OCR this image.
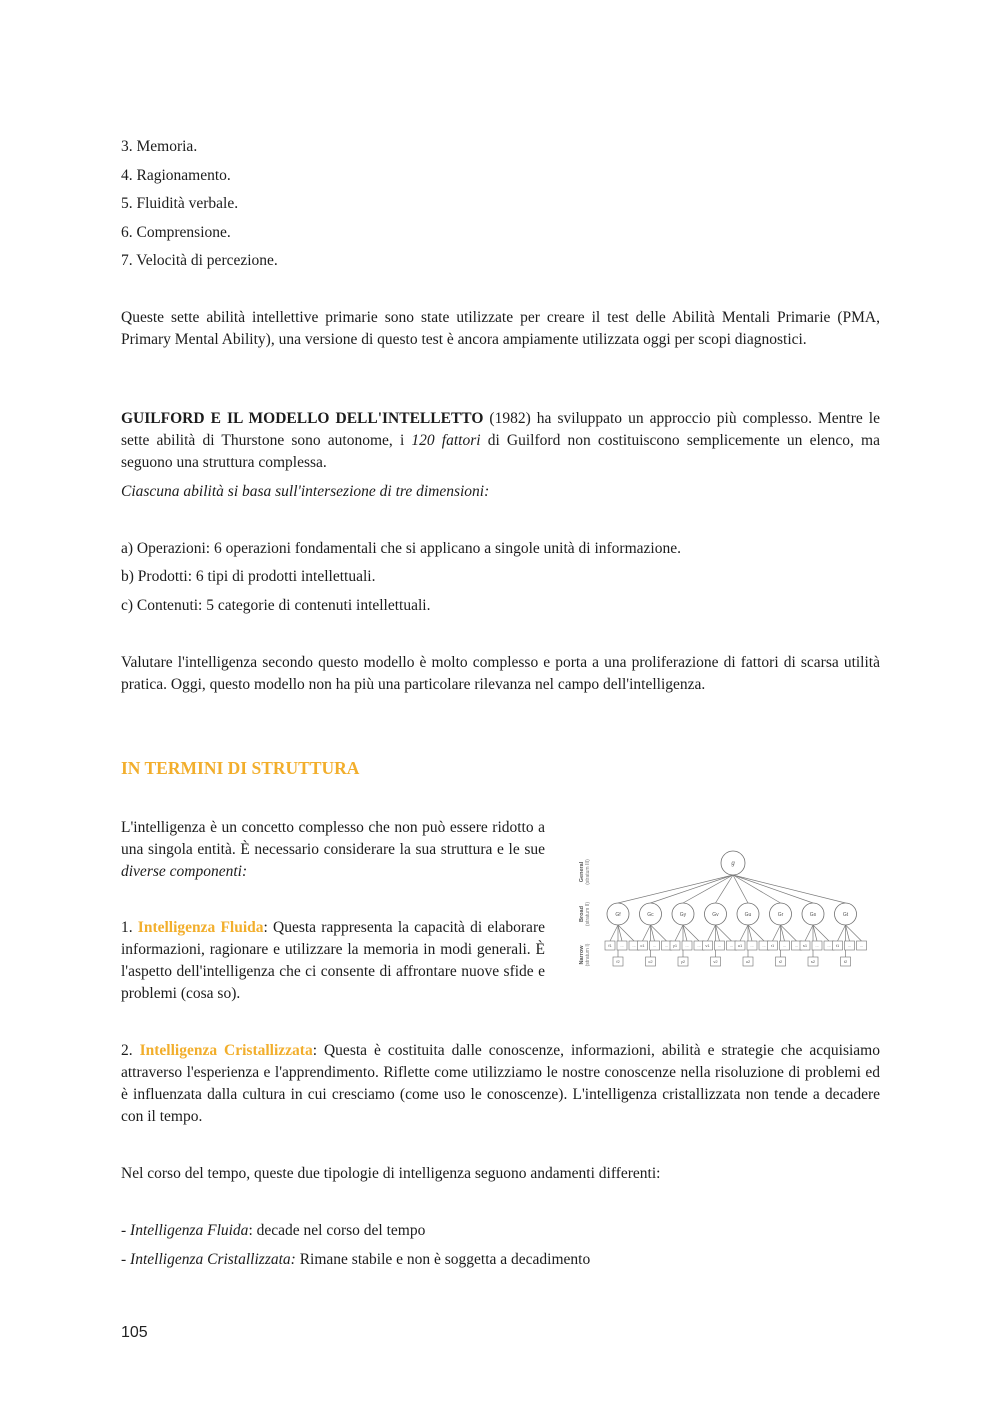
3. Memoria.
4. Ragionamento.
5. Fluidità verbale.
6. Comprensione.
7. Velocità di percezione.
Queste sette abilità intellettive primarie sono state utilizzate per creare il test delle Abilità Mentali Primarie (PMA, Primary Mental Ability), una versione di questo test è ancora ampiamente utilizzata oggi per scopi diagnostici.
GUILFORD E IL MODELLO DELL'INTELLETTO (1982) ha sviluppato un approccio più complesso. Mentre le sette abilità di Thurstone sono autonome, i 120 fattori di Guilford non costituiscono semplicemente un elenco, ma seguono una struttura complessa.
Ciascuna abilità si basa sull'intersezione di tre dimensioni:
a) Operazioni: 6 operazioni fondamentali che si applicano a singole unità di informazione.
b) Prodotti: 6 tipi di prodotti intellettuali.
c) Contenuti: 5 categorie di contenuti intellettuali.
Valutare l'intelligenza secondo questo modello è molto complesso e porta a una proliferazione di fattori di scarsa utilità pratica. Oggi, questo modello non ha più una particolare rilevanza nel campo dell'intelligenza.
IN TERMINI DI STRUTTURA
L'intelligenza è un concetto complesso che non può essere ridotto a una singola entità. È necessario considerare la sua struttura e le sue diverse componenti:
1. Intelligenza Fluida: Questa rappresenta la capacità di elaborare informazioni, ragionare e utilizzare la memoria in modi generali. È l'aspetto dell'intelligenza che ci consente di affrontare nuove sfide e problemi (cosa so).
2. Intelligenza Cristallizzata: Questa è costituita dalle conoscenze, informazioni, abilità e strategie che acquisiamo attraverso l'esperienza e l'apprendimento. Riflette come utilizziamo le nostre conoscenze nella risoluzione di problemi ed è influenzata dalla cultura in cui cresciamo (come uso le conoscenze). L'intelligenza cristallizzata non tende a decadere con il tempo.
Nel corso del tempo, queste due tipologie di intelligenza seguono andamenti differenti:
- Intelligenza Fluida: decade nel corso del tempo
- Intelligenza Cristallizzata: Rimane stabile e non è soggetta a decadimento
General (stratum III)
Broad (stratum II)
Narrow (stratum I)
Gf
f1 ... ...
f2
Gc
c1 ... ...
c2
Gy
y1 ... ...
y2
Gv
v1 ... ...
v2
Gu
u1 ... ...
u2
Gr
r1 ... ...
r2
Gs
s1 ... ...
s2
Gt
t1 ... ...
t2
g
105
